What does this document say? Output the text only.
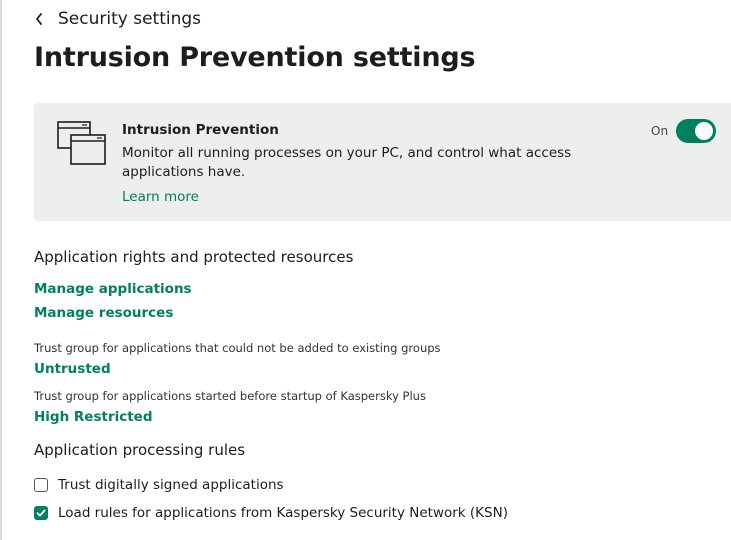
Security settings
Intrusion Prevention settings
Intrusion Prevention
Monitor all running processes on your PC, and control what access applications have.
Learn more
On
Application rights and protected resources
Manage applications
Manage resources
Trust group for applications that could not be added to existing groups
Untrusted
Trust group for applications started before startup of Kaspersky Plus
High Restricted
Application processing rules
Trust digitally signed applications
Load rules for applications from Kaspersky Security Network (KSN)
